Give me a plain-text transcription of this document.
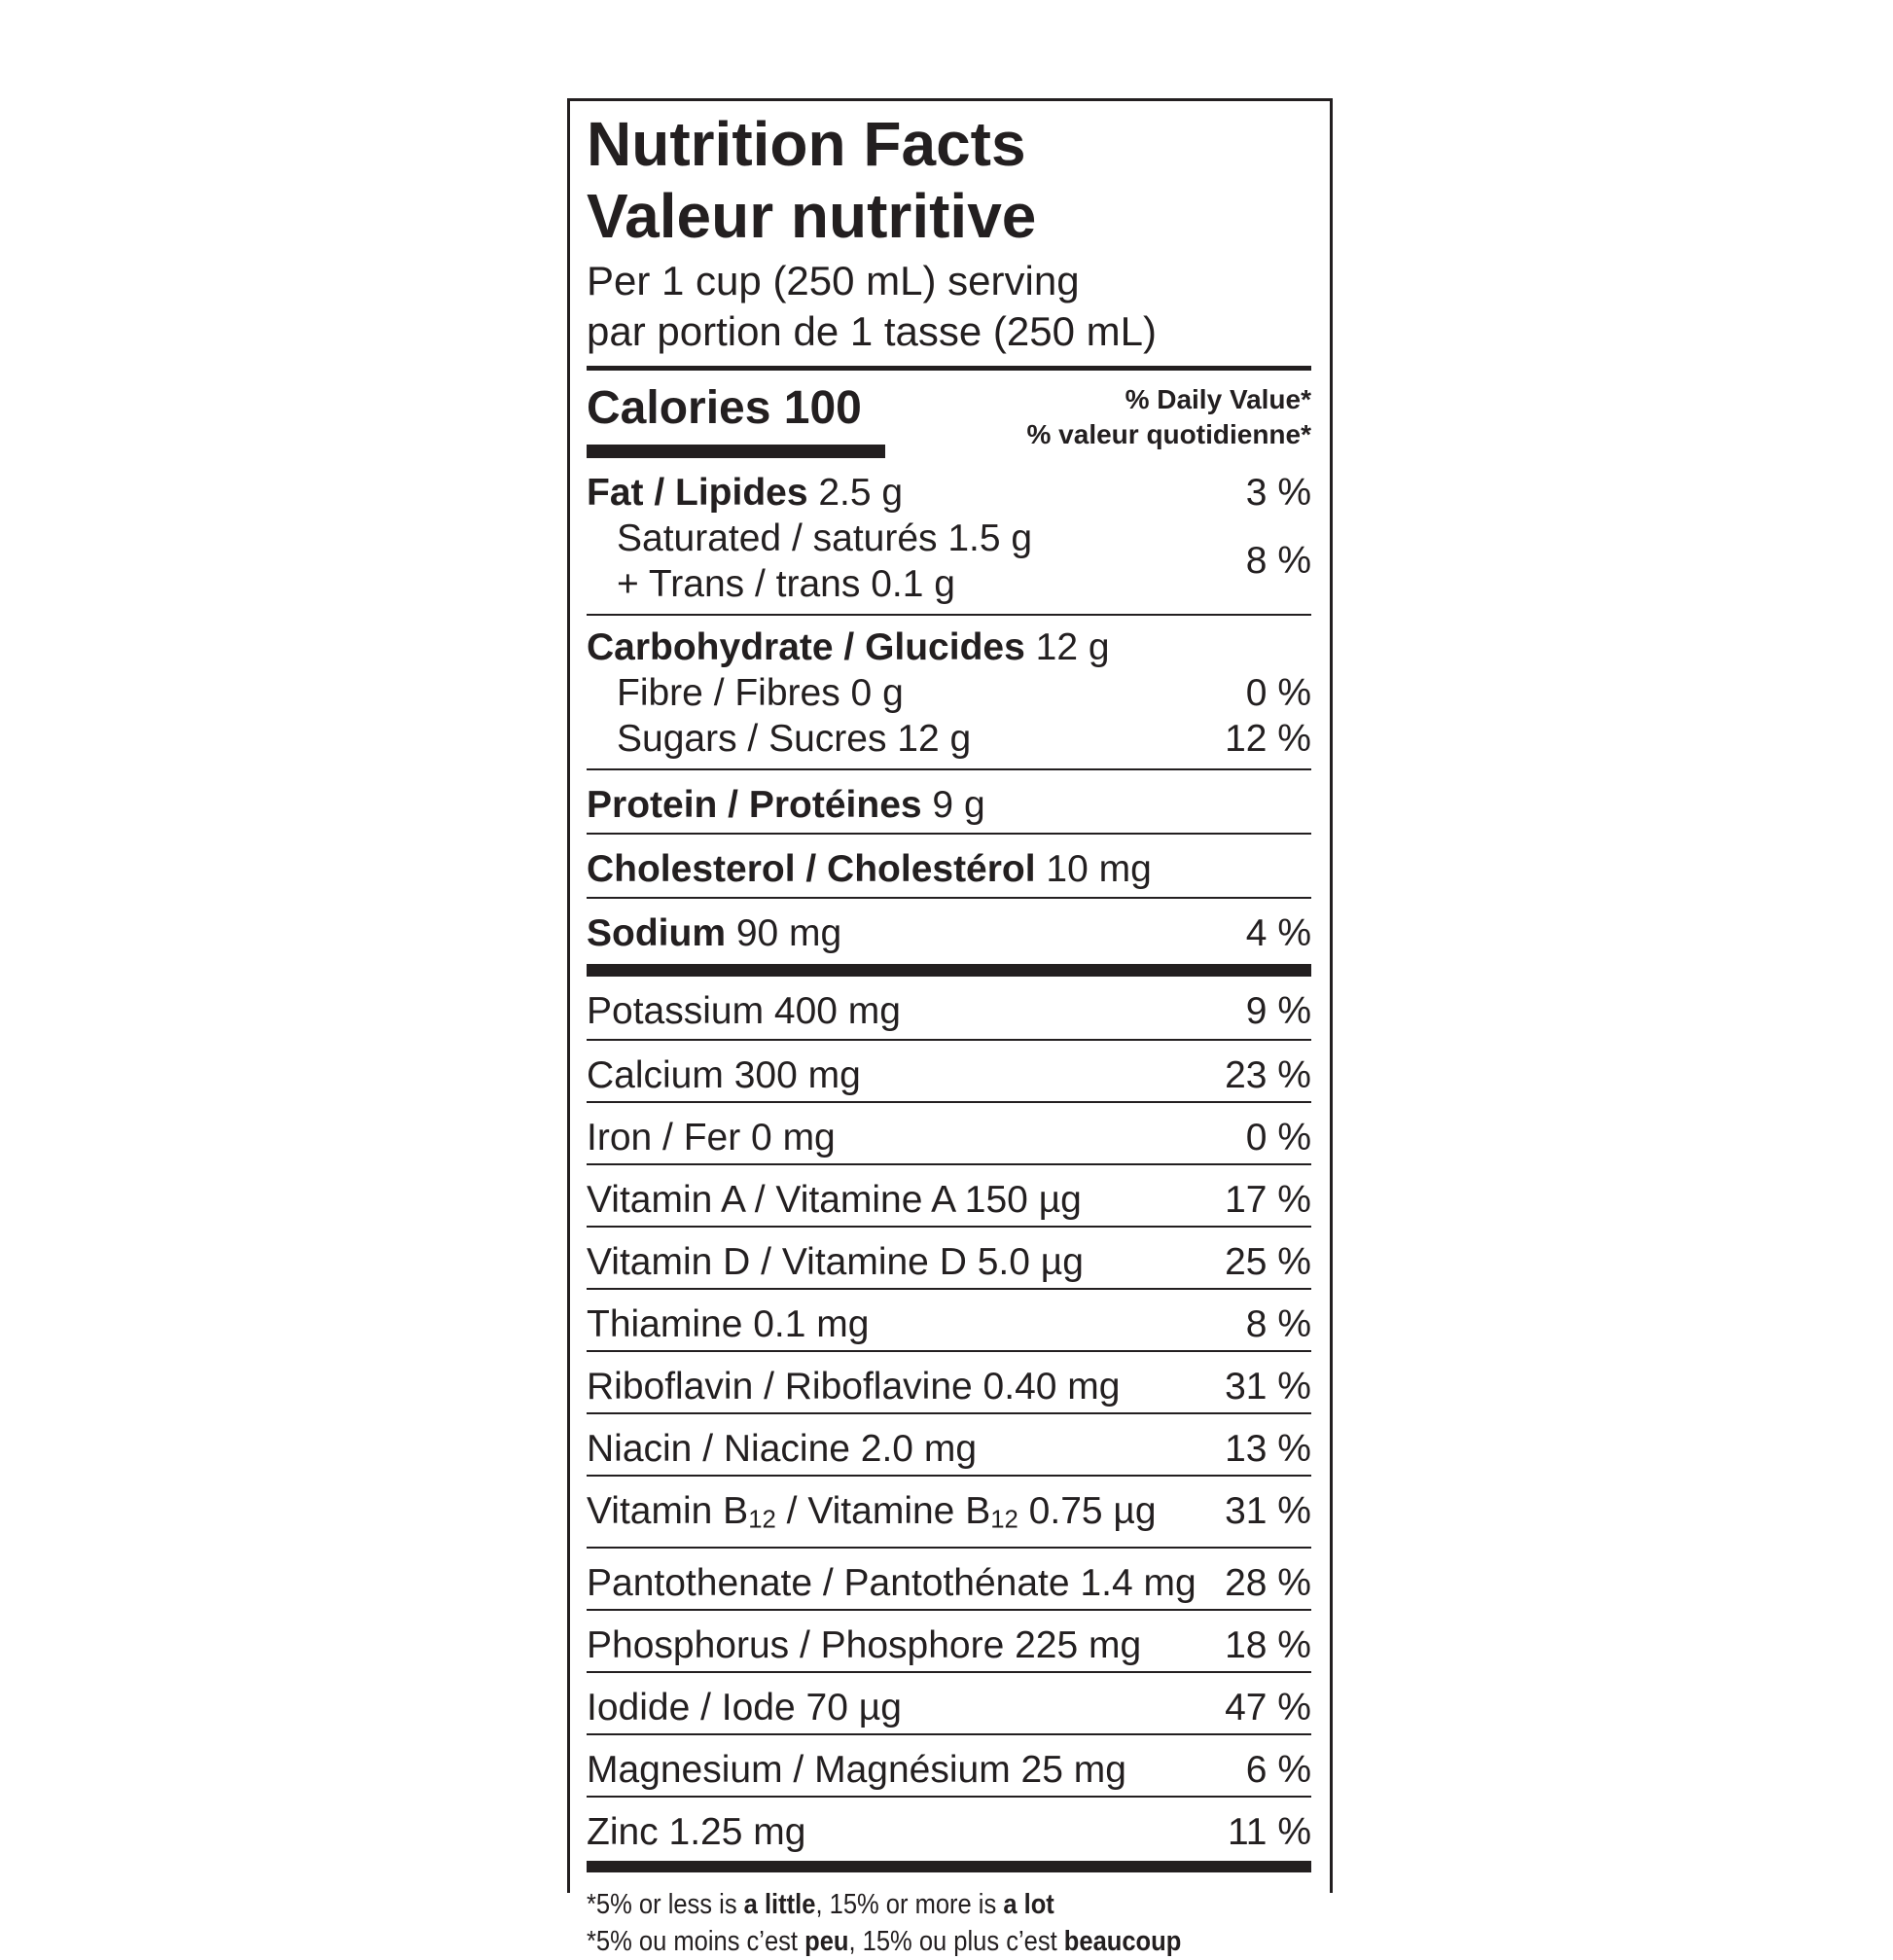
Nutrition Facts
Valeur nutritive
Per 1 cup (250 mL) serving
par portion de 1 tasse (250 mL)
Calories 100	% Daily Value*
% valeur quotidienne*
Fat / Lipides 2.5 g	3 %
Saturated / saturés 1.5 g
+ Trans / trans 0.1 g
8 %
Carbohydrate / Glucides 12 g
Fibre / Fibres 0 g	0 %
Sugars / Sucres 12 g	12 %
Protein / Protéines 9 g
Cholesterol / Cholestérol 10 mg
Sodium 90 mg	4 %
Potassium 400 mg	9 %
Calcium 300 mg	23 %
Iron / Fer 0 mg	0 %
Vitamin A / Vitamine A 150 µg	17 %
Vitamin D / Vitamine D 5.0 µg	25 %
Thiamine 0.1 mg	8 %
Riboflavin / Riboflavine 0.40 mg	31 %
Niacin / Niacine 2.0 mg	13 %
Vitamin $B_{12}$ / Vitamine $B_{12}$ 0.75 µg 31 %
Pantothenate / Pantothénate 1.4 mg 28 %
Phosphorus / Phosphore 225 mg 18 %
Iodide / Iode 70 µg	47 %
Magnesium / Magnésium 25 mg	6 %
Zinc 1.25 mg	11 %
*5% or less is a little, 15% or more is a lot
*5% ou moins c’est peu, 15% ou plus c’est beaucoup
